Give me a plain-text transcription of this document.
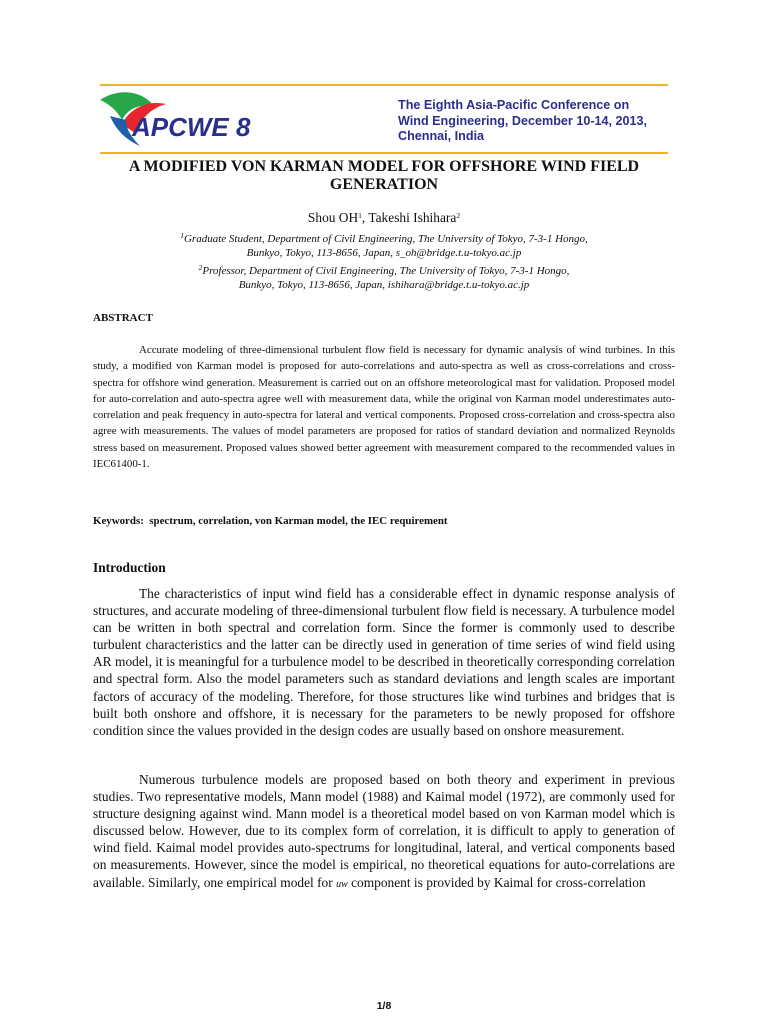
APCWE 8
The Eighth Asia-Pacific Conference on
Wind Engineering, December 10-14, 2013,
Chennai, India
A MODIFIED VON KARMAN MODEL FOR OFFSHORE WIND FIELD
GENERATION
Shou $OH^1$, Takeshi Ishihara$^2$
$^1$Graduate Student, Department of Civil Engineering, The University of Tokyo, 7-3-1 Hongo,
Bunkyo, Tokyo, 113-8656, Japan, s_oh@bridge.t.u-tokyo.ac.jp
$^2$Professor, Department of Civil Engineering, The University of Tokyo, 7-3-1 Hongo,
Bunkyo, Tokyo, 113-8656, Japan, ishihara@bridge.t.u-tokyo.ac.jp
ABSTRACT
Accurate modeling of three-dimensional turbulent flow field is necessary for dynamic analysis of wind turbines. In this study, a modified von Karman model is proposed for auto-correlations and auto-spectra as well as cross-correlations and cross-spectra for offshore wind generation. Measurement is carried out on an offshore meteorological mast for validation. Proposed model for auto-correlation and auto-spectra agree well with measurement data, while the original von Karman model underestimates auto-correlation and peak frequency in auto-spectra for lateral and vertical components. Proposed cross-correlation and cross-spectra also agree with measurements. The values of model parameters are proposed for ratios of standard deviation and normalized Reynolds stress based on measurement. Proposed values showed better agreement with measurement compared to the recommended values in IEC61400-1.
Keywords: spectrum, correlation, von Karman model, the IEC requirement
Introduction
The characteristics of input wind field has a considerable effect in dynamic response analysis of structures, and accurate modeling of three-dimensional turbulent flow field is necessary. A turbulence model can be written in both spectral and correlation form. Since the former is commonly used to describe turbulent characteristics and the latter can be directly used in generation of time series of wind field using AR model, it is meaningful for a turbulence model to be described in theoretically corresponding correlation and spectral form. Also the model parameters such as standard deviations and length scales are important factors of accuracy of the modeling. Therefore, for those structures like wind turbines and bridges that is built both onshore and offshore, it is necessary for the parameters to be newly proposed for offshore condition since the values provided in the design codes are usually based on onshore measurement.
Numerous turbulence models are proposed based on both theory and experiment in previous studies. Two representative models, Mann model (1988) and Kaimal model (1972), are commonly used for structure designing against wind. Mann model is a theoretical model based on von Karman model which is discussed below. However, due to its complex form of correlation, it is difficult to apply to generation of wind field. Kaimal model provides auto-spectrums for longitudinal, lateral, and vertical components based on measurements. However, since the model is empirical, no theoretical equations for auto-correlations are available. Similarly, one empirical model for uw component is provided by Kaimal for cross-correlation
1/8
